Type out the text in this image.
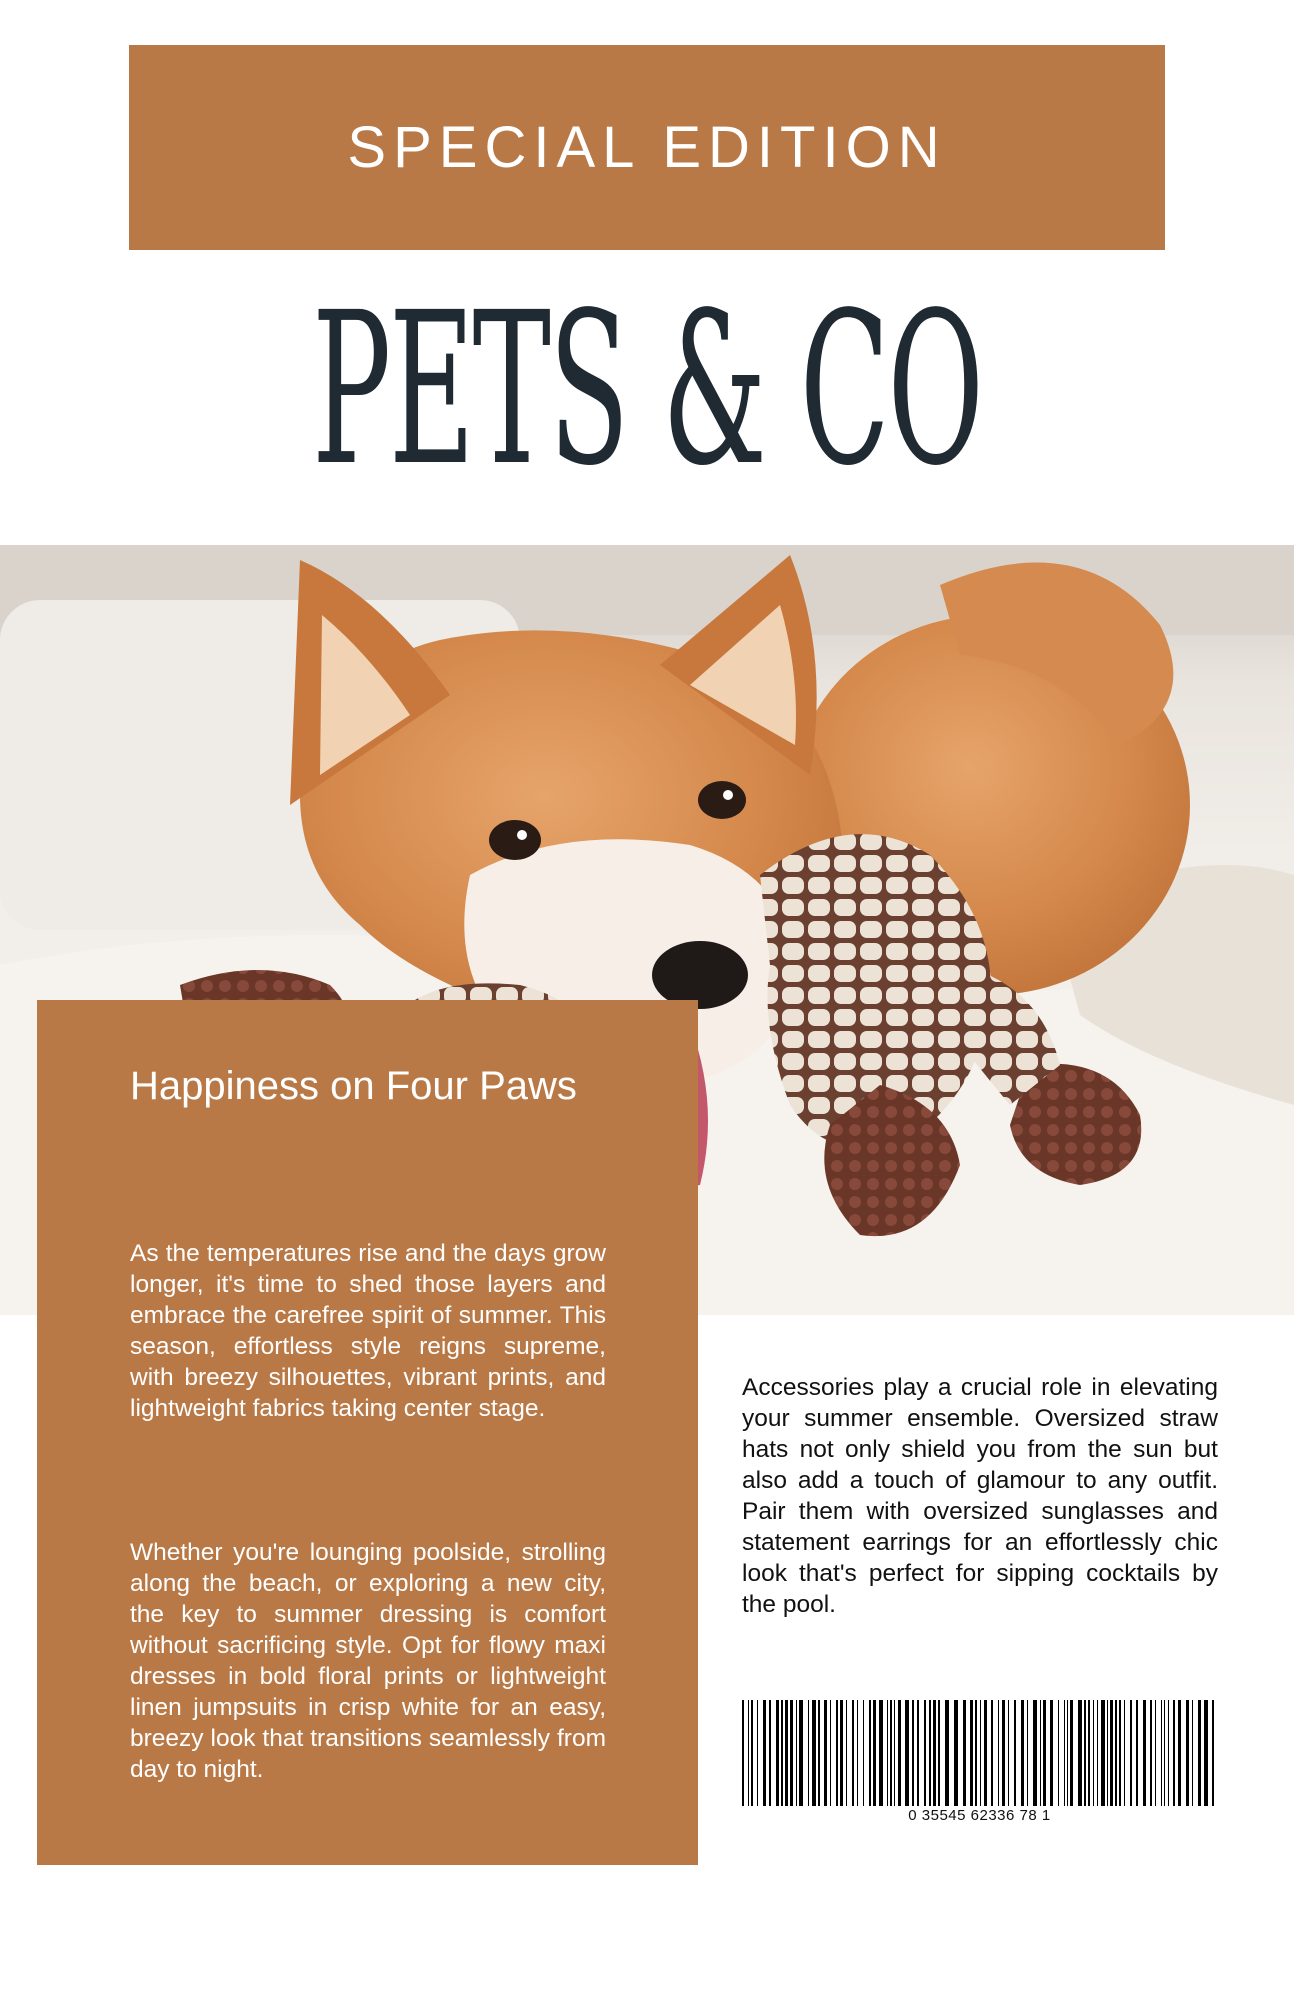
SPECIAL EDITION
PETS & CO
Happiness on Four Paws
As the temperatures rise and the days grow longer, it's time to shed those layers and embrace the carefree spirit of summer. This season, effortless style reigns supreme, with breezy silhouettes, vibrant prints, and lightweight fabrics taking center stage.
Whether you're lounging poolside, strolling along the beach, or exploring a new city, the key to summer dressing is comfort without sacrificing style. Opt for flowy maxi dresses in bold floral prints or lightweight linen jumpsuits in crisp white for an easy, breezy look that transitions seamlessly from day to night.
Accessories play a crucial role in elevating your summer ensemble. Oversized straw hats not only shield you from the sun but also add a touch of glamour to any outfit. Pair them with oversized sunglasses and statement earrings for an effortlessly chic look that's perfect for sipping cocktails by the pool.
0 35545 62336 78 1
